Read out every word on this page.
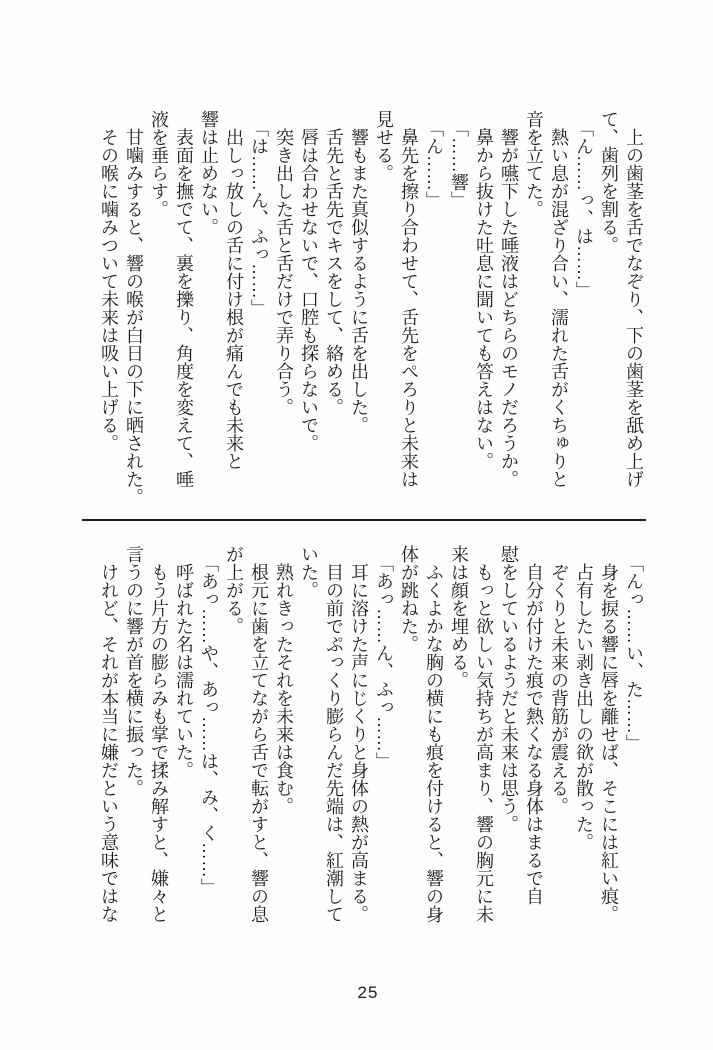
　上の歯茎を舌でなぞり、下の歯茎を舐め上げ

て、歯列を割る。

　「ん……っ、は……」

　熱い息が混ざり合い、濡れた舌がくちゅりと

音を立てた。

　響が嚥下した唾液はどちらのモノだろうか。

　鼻から抜けた吐息に聞いても答えはない。

　「……響」

　「ん……」

　鼻先を擦り合わせて、舌先をぺろりと未来は

見せる。

　響もまた真似するように舌を出した。

　舌先と舌先でキスをして、絡める。

　唇は合わせないで、口腔も探らないで。

　突き出した舌と舌だけで弄り合う。

　「は……ん、ふっ……」

　出しっ放しの舌に付け根が痛んでも未来と

響は止めない。

　表面を撫でて、裏を擽り、角度を変えて、唾

液を垂らす。

　甘噛みすると、響の喉が白日の下に晒された。

　その喉に噛みついて未来は吸い上げる。

　「んっ……い、た……」

　身を捩る響に唇を離せば、そこには紅い痕。

　占有したい剥き出しの欲が散った。

　ぞくりと未来の背筋が震える。

　自分が付けた痕で熱くなる身体はまるで自

慰をしているようだと未来は思う。

　もっと欲しい気持ちが高まり、響の胸元に未

来は顔を埋める。

　ふくよかな胸の横にも痕を付けると、響の身

体が跳ねた。

　「あっ……ん、ふっ……」

　耳に溶けた声にじくりと身体の熱が高まる。

　目の前でぷっくり膨らんだ先端は、紅潮して

いた。

　熟れきったそれを未来は食む。

　根元に歯を立てながら舌で転がすと、響の息

が上がる。

　「あっ……や、あっ……は、み、く……」

　呼ばれた名は濡れていた。

　もう片方の膨らみも掌で揉み解すと、嫌々と

言うのに響が首を横に振った。

　けれど、それが本当に嫌だという意味ではな

25
